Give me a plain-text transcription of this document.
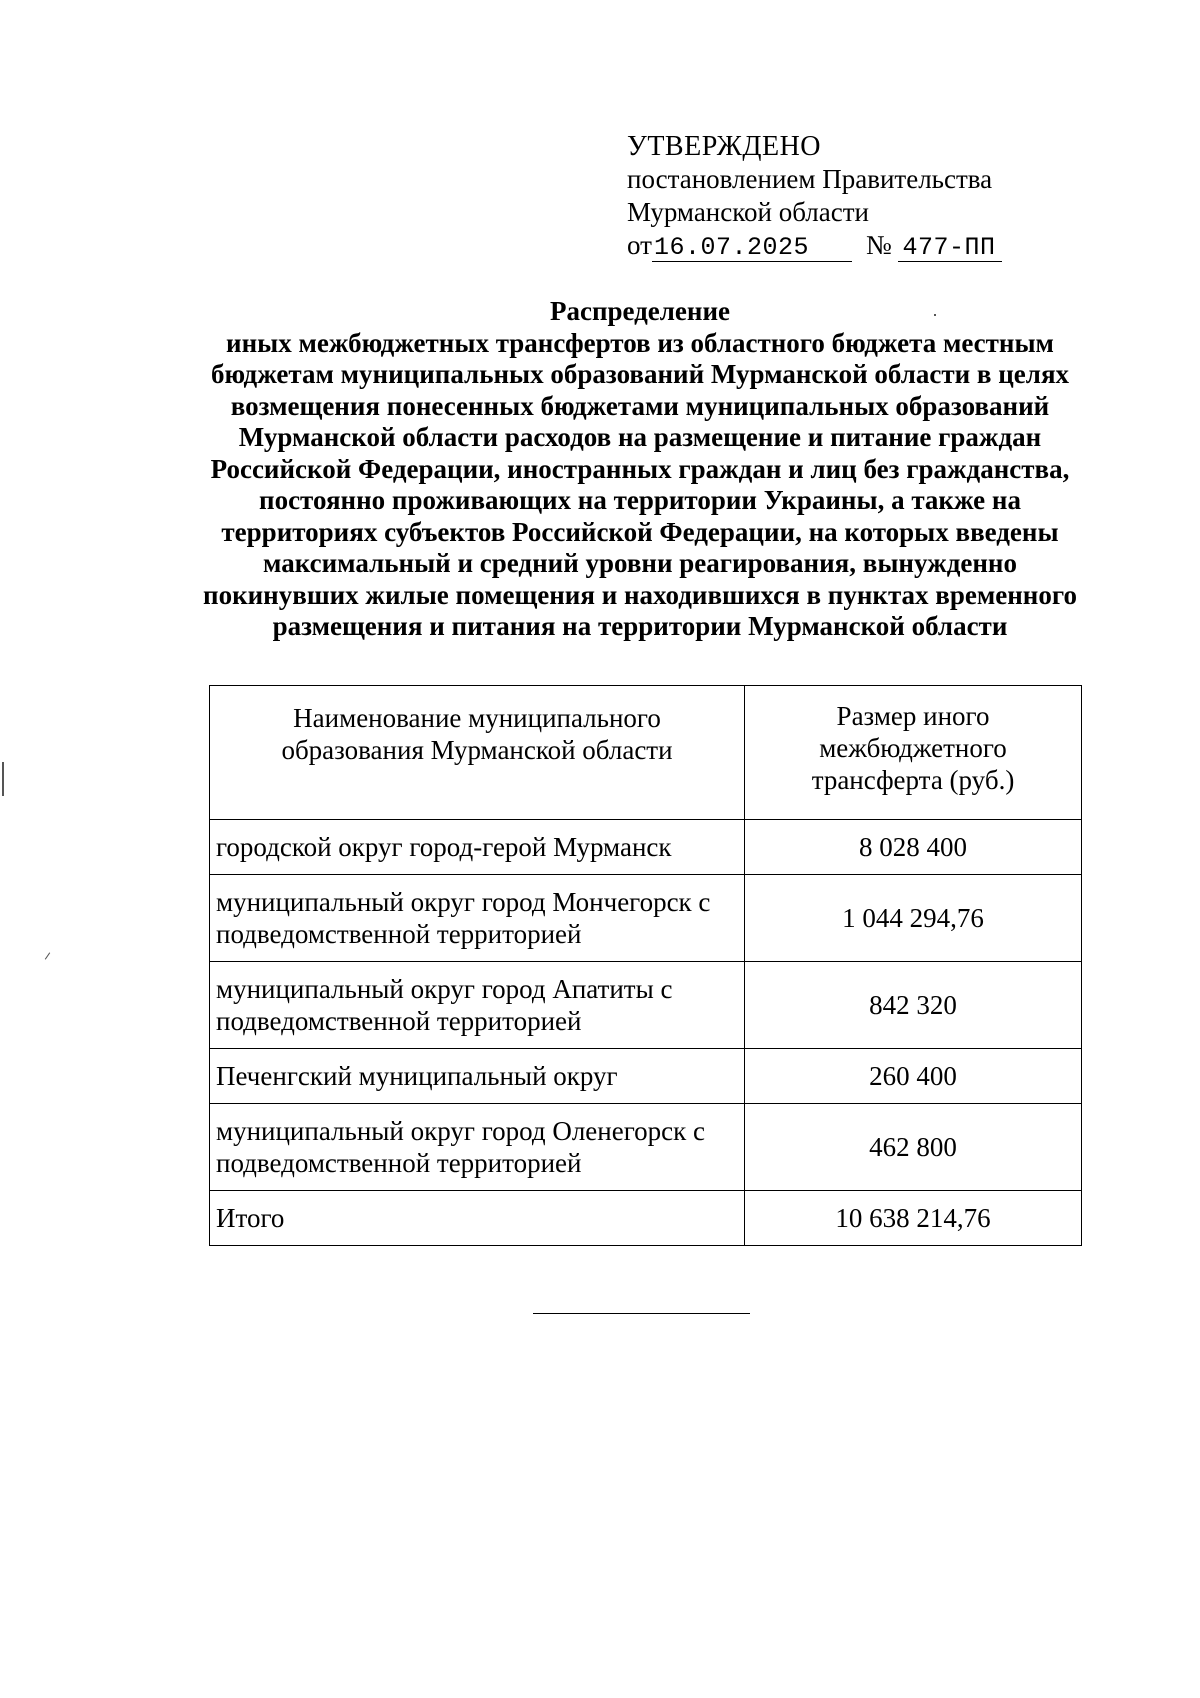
УТВЕРЖДЕНО
постановлением Правительства
Мурманской области
от16.07.2025 № 477-ПП
Распределение
иных межбюджетных трансфертов из областного бюджета местным
бюджетам муниципальных образований Мурманской области в целях
возмещения понесенных бюджетами муниципальных образований
Мурманской области расходов на размещение и питание граждан
Российской Федерации, иностранных граждан и лиц без гражданства,
постоянно проживающих на территории Украины, а также на
территориях субъектов Российской Федерации, на которых введены
максимальный и средний уровни реагирования, вынужденно
покинувших жилые помещения и находившихся в пунктах временного
размещения и питания на территории Мурманской области
Наименование муниципального
образования Мурманской области	Размер иного
межбюджетного
трансферта (руб.)
городской округ город-герой Мурманск	8 028 400
муниципальный округ город Мончегорск с
подведомственной территорией	1 044 294,76
муниципальный округ город Апатиты с
подведомственной территорией	842 320
Печенгский муниципальный округ	260 400
муниципальный округ город Оленегорск с
подведомственной территорией	462 800
Итого	10 638 214,76
